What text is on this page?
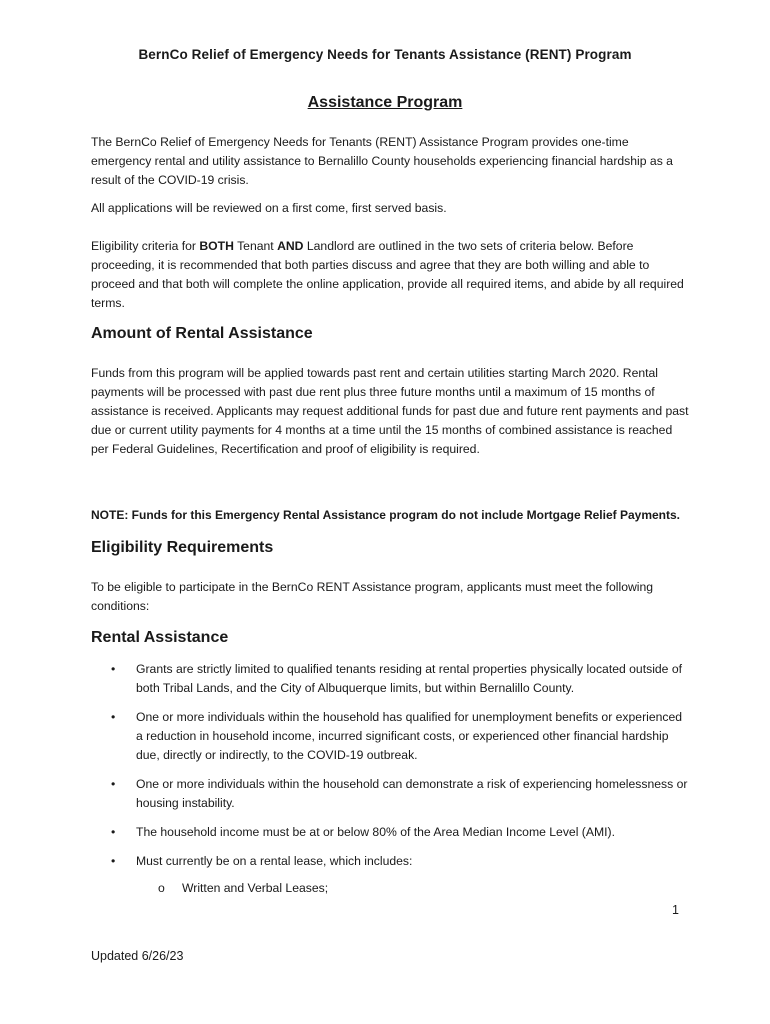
BernCo Relief of Emergency Needs for Tenants Assistance (RENT) Program
Assistance Program
The BernCo Relief of Emergency Needs for Tenants (RENT) Assistance Program provides one-time emergency rental and utility assistance to Bernalillo County households experiencing financial hardship as a result of the COVID-19 crisis.
All applications will be reviewed on a first come, first served basis.
Eligibility criteria for BOTH Tenant AND Landlord are outlined in the two sets of criteria below. Before proceeding, it is recommended that both parties discuss and agree that they are both willing and able to proceed and that both will complete the online application, provide all required items, and abide by all required terms.
Amount of Rental Assistance
Funds from this program will be applied towards past rent and certain utilities starting March 2020. Rental payments will be processed with past due rent plus three future months until a maximum of 15 months of assistance is received. Applicants may request additional funds for past due and future rent payments and past due or current utility payments for 4 months at a time until the 15 months of combined assistance is reached per Federal Guidelines, Recertification and proof of eligibility is required.
NOTE: Funds for this Emergency Rental Assistance program do not include Mortgage Relief Payments.
Eligibility Requirements
To be eligible to participate in the BernCo RENT Assistance program, applicants must meet the following conditions:
Rental Assistance
• Grants are strictly limited to qualified tenants residing at rental properties physically located outside of both Tribal Lands, and the City of Albuquerque limits, but within Bernalillo County.
• One or more individuals within the household has qualified for unemployment benefits or experienced a reduction in household income, incurred significant costs, or experienced other financial hardship due, directly or indirectly, to the COVID-19 outbreak.
• One or more individuals within the household can demonstrate a risk of experiencing homelessness or housing instability.
• The household income must be at or below 80% of the Area Median Income Level (AMI).
• Must currently be on a rental lease, which includes:
o Written and Verbal Leases;
1
Updated 6/26/23
